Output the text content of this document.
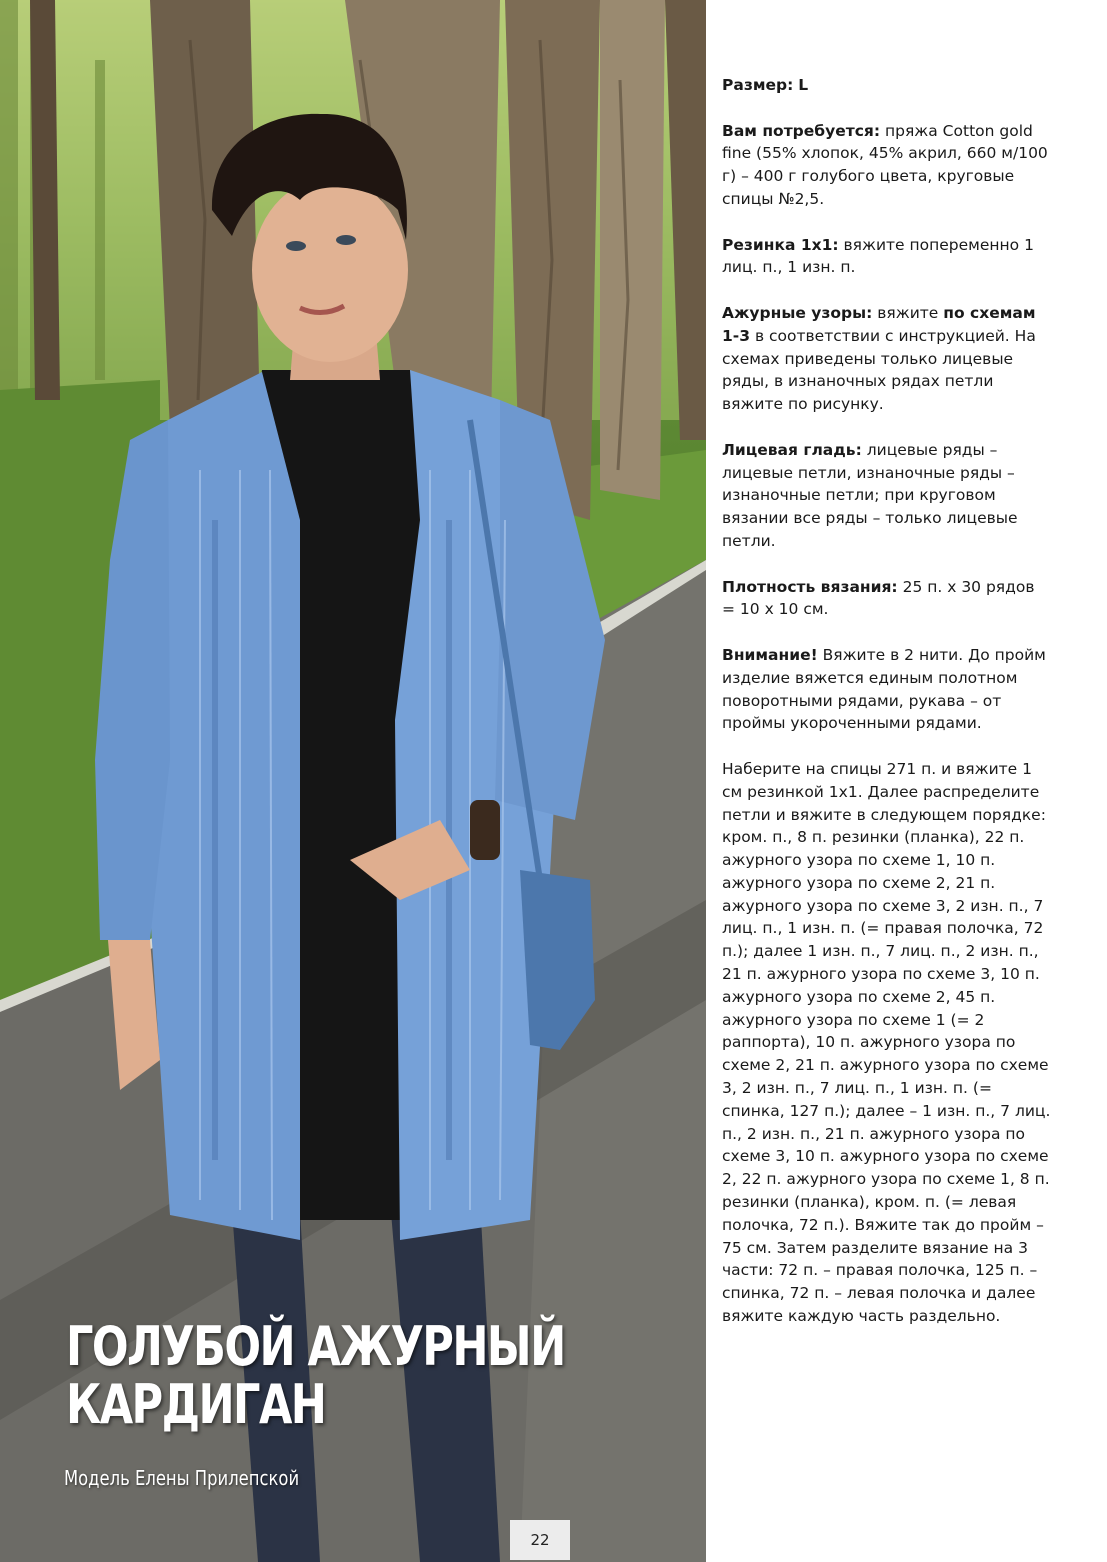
ГОЛУБОЙ АЖУРНЫЙ
КАРДИГАН
Модель Елены Прилепской
22

Размер: L

Вам потребуется: пряжа Cotton gold fine (55% хлопок, 45% акрил, 660 м/100 г) – 400 г голубого цвета, круговые спицы №2,5.

Резинка 1х1: вяжите попеременно 1 лиц. п., 1 изн. п.

Ажурные узоры: вяжите по схемам 1-3 в соответствии с инструкцией. На схемах приведены только лицевые ряды, в изнаночных рядах петли вяжите по рисунку.

Лицевая гладь: лицевые ряды – лицевые петли, изнаночные ряды – изнаночные петли; при круговом вязании все ряды – только лицевые петли.

Плотность вязания: 25 п. х 30 рядов = 10 х 10 см.

Внимание! Вяжите в 2 нити. До пройм изделие вяжется единым полотном поворотными рядами, рукава – от проймы укороченными рядами.

Наберите на спицы 271 п. и вяжите 1 см резинкой 1х1. Далее распределите петли и вяжите в следующем порядке: кром. п., 8 п. резинки (планка), 22 п. ажурного узора по схеме 1, 10 п. ажурного узора по схеме 2, 21 п. ажурного узора по схеме 3, 2 изн. п., 7 лиц. п., 1 изн. п. (= правая полочка, 72 п.); далее 1 изн. п., 7 лиц. п., 2 изн. п., 21 п. ажурного узора по схеме 3, 10 п. ажурного узора по схеме 2, 45 п. ажурного узора по схеме 1 (= 2 раппорта), 10 п. ажурного узора по схеме 2, 21 п. ажурного узора по схеме 3, 2 изн. п., 7 лиц. п., 1 изн. п. (= спинка, 127 п.); далее – 1 изн. п., 7 лиц. п., 2 изн. п., 21 п. ажурного узора по схеме 3, 10 п. ажурного узора по схеме 2, 22 п. ажурного узора по схеме 1, 8 п. резинки (планка), кром. п. (= левая полочка, 72 п.). Вяжите так до пройм – 75 см. Затем разделите вязание на 3 части: 72 п. – правая полочка, 125 п. – спинка, 72 п. – левая полочка и далее вяжите каждую часть раздельно.
